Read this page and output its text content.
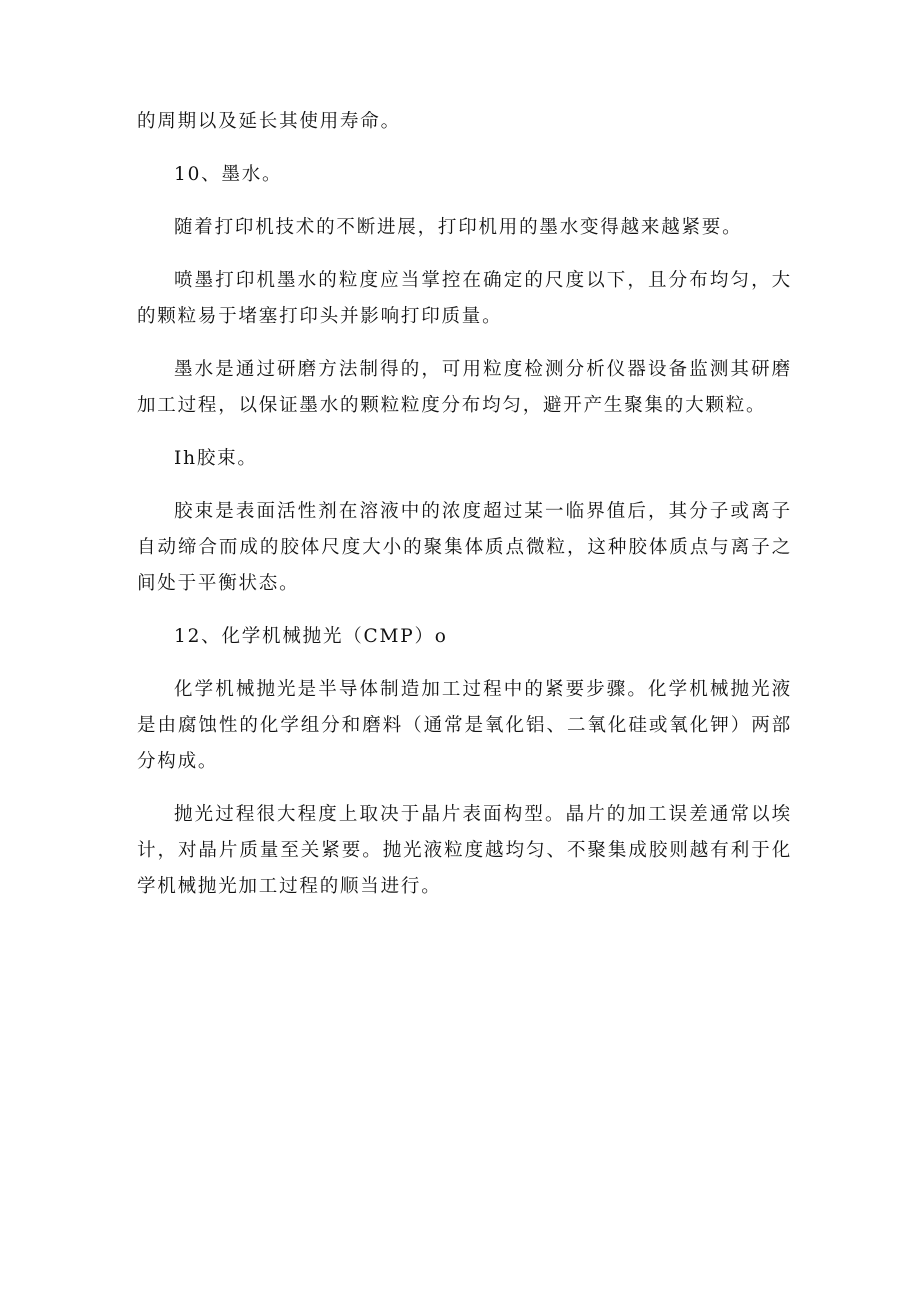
的周期以及延长其使用寿命。

10、墨水。

随着打印机技术的不断进展，打印机用的墨水变得越来越紧要。

喷墨打印机墨水的粒度应当掌控在确定的尺度以下，且分布均匀，大的颗粒易于堵塞打印头并影响打印质量。

墨水是通过研磨方法制得的，可用粒度检测分析仪器设备监测其研磨加工过程，以保证墨水的颗粒粒度分布均匀，避开产生聚集的大颗粒。

Ih胶束。

胶束是表面活性剂在溶液中的浓度超过某一临界值后，其分子或离子自动缔合而成的胶体尺度大小的聚集体质点微粒，这种胶体质点与离子之间处于平衡状态。

12、化学机械抛光（CMP）o

化学机械抛光是半导体制造加工过程中的紧要步骤。化学机械抛光液是由腐蚀性的化学组分和磨料（通常是氧化铝、二氧化硅或氧化钾）两部分构成。

抛光过程很大程度上取决于晶片表面构型。晶片的加工误差通常以埃计，对晶片质量至关紧要。抛光液粒度越均匀、不聚集成胶则越有利于化学机械抛光加工过程的顺当进行。
